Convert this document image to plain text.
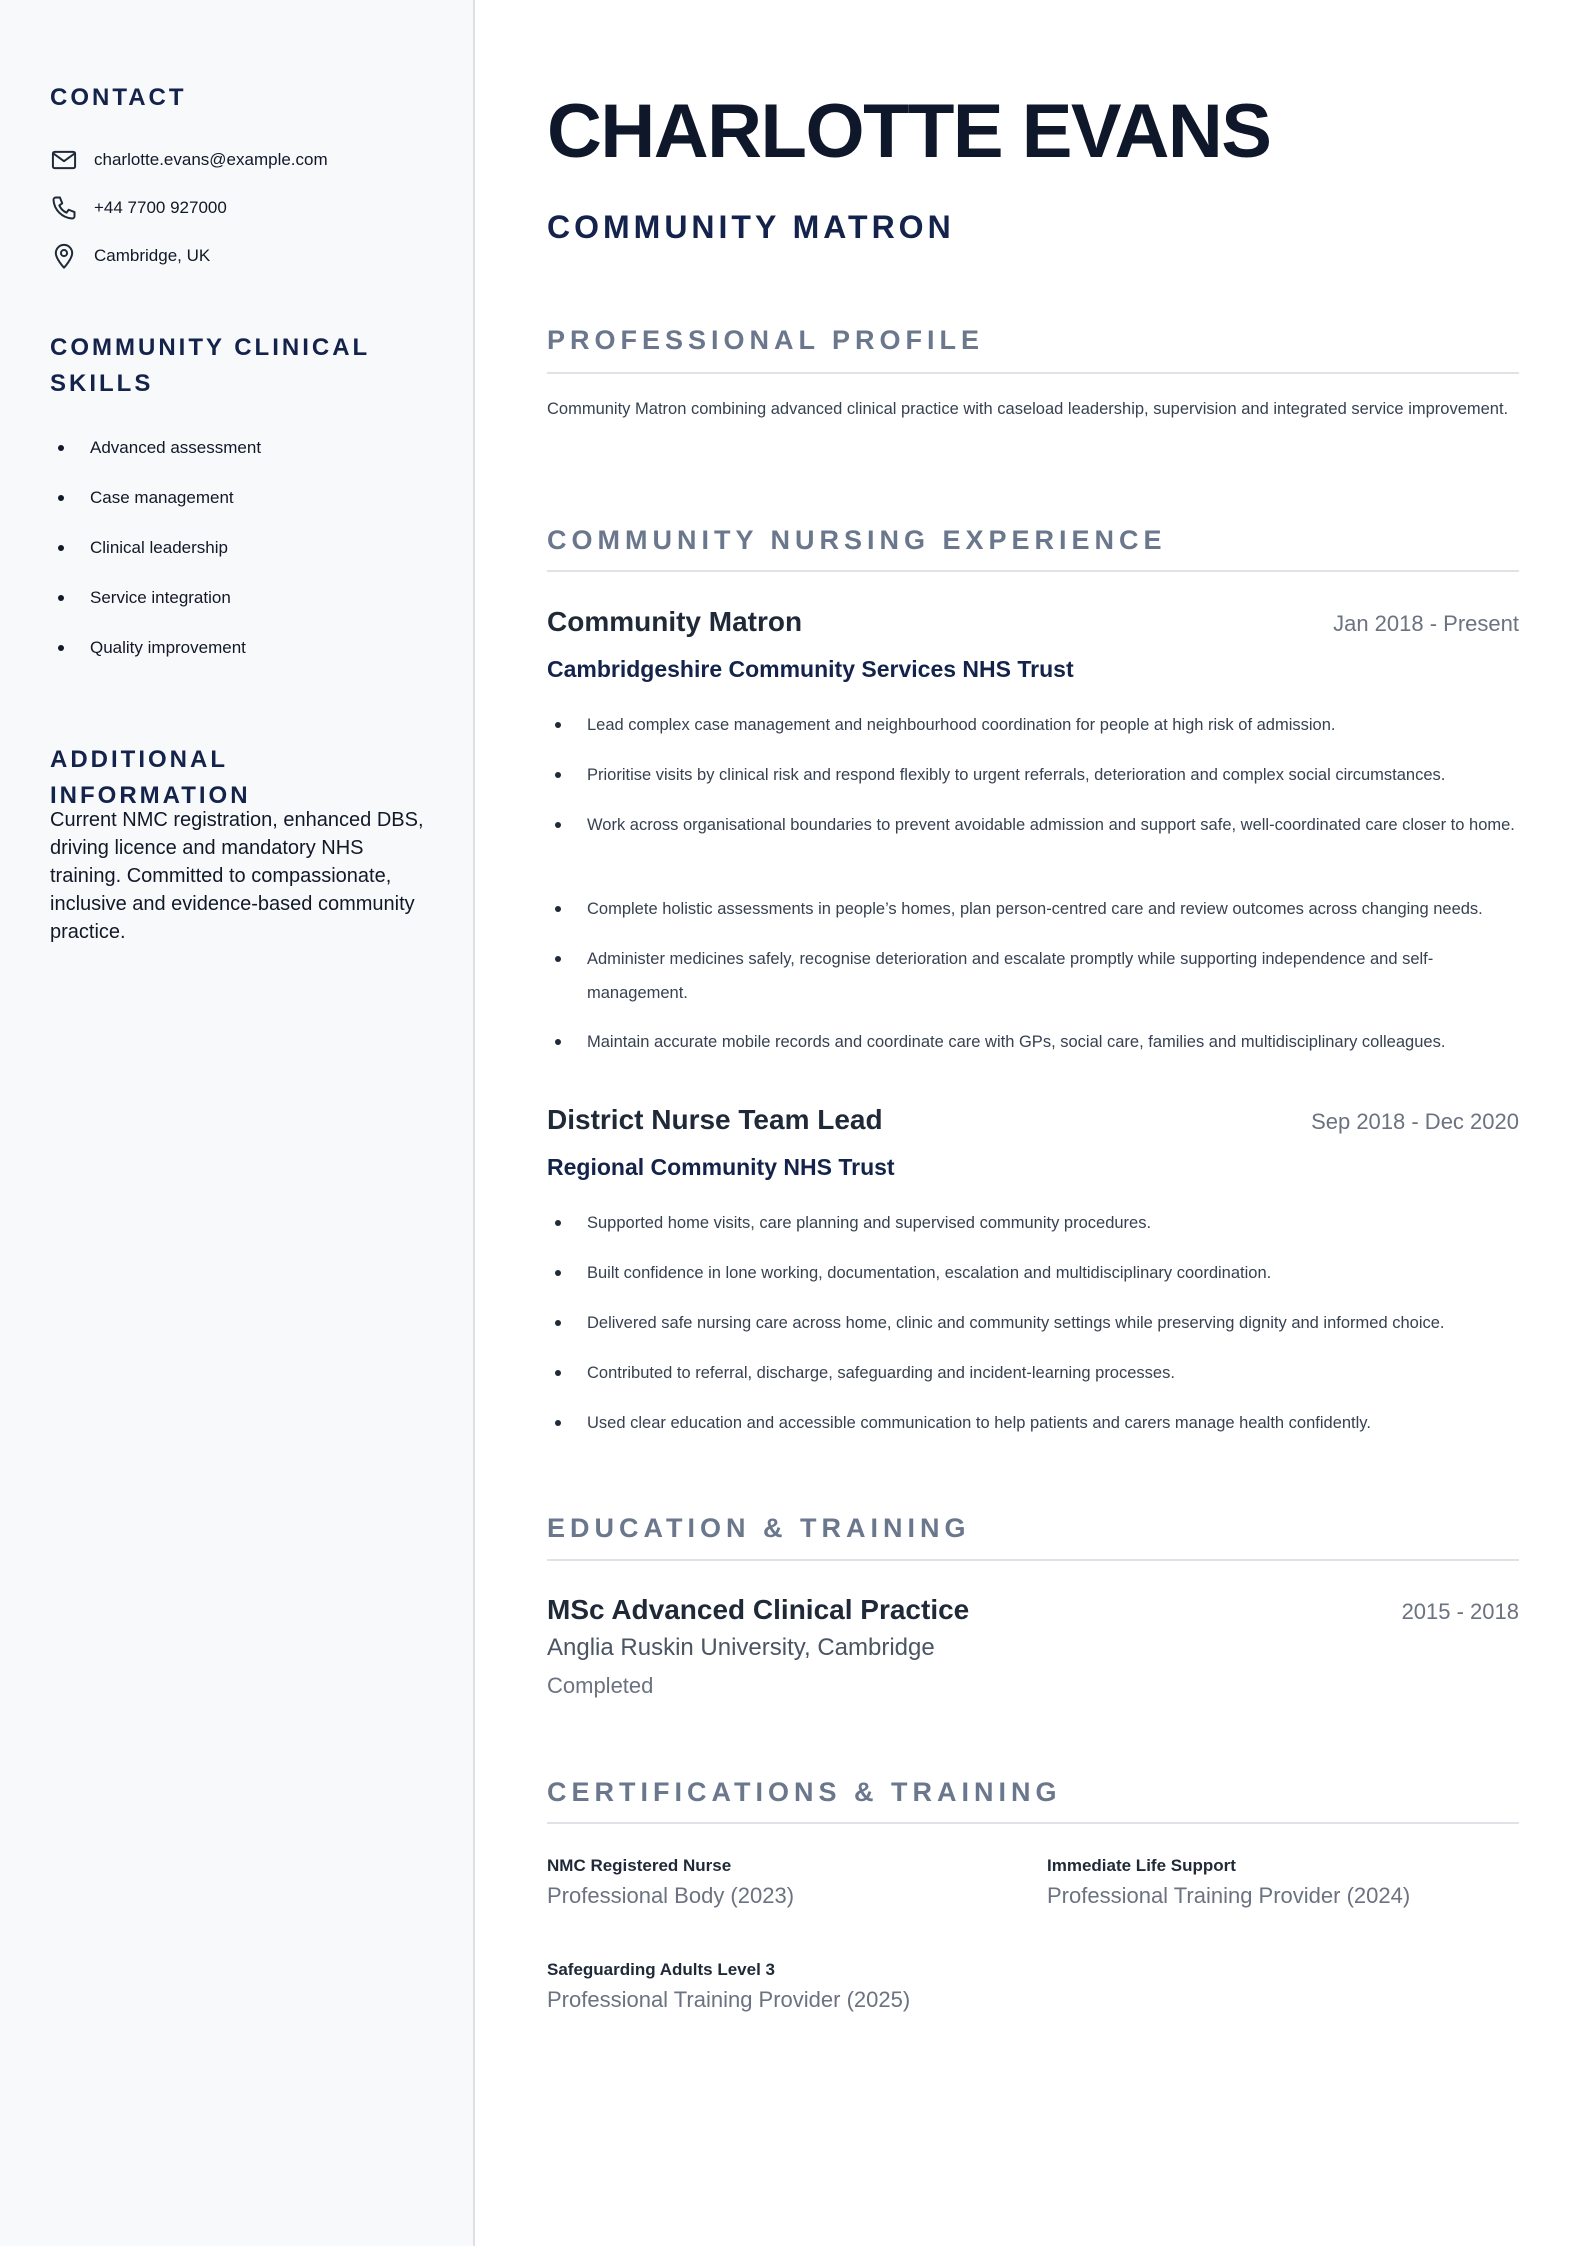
CONTACT
charlotte.evans@example.com
+44 7700 927000
Cambridge, UK
COMMUNITY CLINICAL
SKILLS
Advanced assessment
Case management
Clinical leadership
Service integration
Quality improvement
ADDITIONAL INFORMATION

Current NMC registration, enhanced DBS, driving licence and mandatory NHS training. Committed to compassionate, inclusive and evidence-based community practice.

CHARLOTTE EVANS
COMMUNITY MATRON
PROFESSIONAL PROFILE

Community Matron combining advanced clinical practice with caseload leadership, supervision and integrated service improvement.

COMMUNITY NURSING EXPERIENCE
Community Matron	Jan 2018 - Present
Cambridgeshire Community Services NHS Trust
Lead complex case management and neighbourhood coordination for people at high risk of admission.
Prioritise visits by clinical risk and respond flexibly to urgent referrals, deterioration and complex social circumstances.
Work across organisational boundaries to prevent avoidable admission and support safe, well-coordinated care closer to home.
Complete holistic assessments in people’s homes, plan person-centred care and review outcomes across changing needs.
Administer medicines safely, recognise deterioration and escalate promptly while supporting independence and self-management.
Maintain accurate mobile records and coordinate care with GPs, social care, families and multidisciplinary colleagues.
District Nurse Team Lead	Sep 2018 - Dec 2020
Regional Community NHS Trust
Supported home visits, care planning and supervised community procedures.
Built confidence in lone working, documentation, escalation and multidisciplinary coordination.
Delivered safe nursing care across home, clinic and community settings while preserving dignity and informed choice.
Contributed to referral, discharge, safeguarding and incident-learning processes.
Used clear education and accessible communication to help patients and carers manage health confidently.
EDUCATION & TRAINING
MSc Advanced Clinical Practice	2015 - 2018
Anglia Ruskin University, Cambridge
Completed
CERTIFICATIONS & TRAINING
NMC Registered Nurse
Professional Body (2023)
Immediate Life Support
Professional Training Provider (2024)
Safeguarding Adults Level 3
Professional Training Provider (2025)
